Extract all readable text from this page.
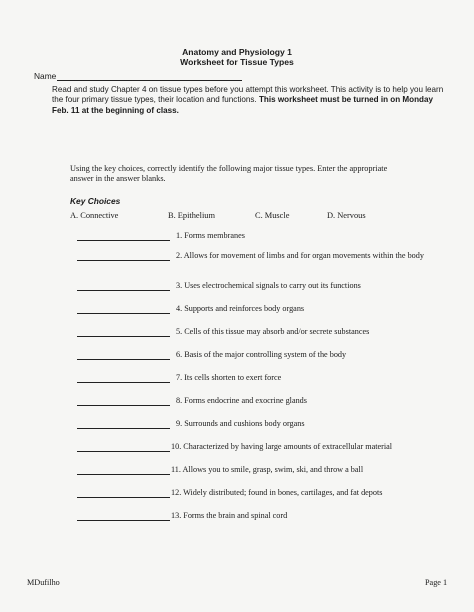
Anatomy and Physiology 1
Worksheet for Tissue Types
Name
Read and study Chapter 4 on tissue types before you attempt this worksheet. This activity is to help you learn the four primary tissue types, their location and functions. This worksheet must be turned in on Monday Feb. 11 at the beginning of class.
Using the key choices, correctly identify the following major tissue types. Enter the appropriate answer in the answer blanks.
Key Choices
A. Connective	B. Epithelium	C. Muscle	D. Nervous
1. Forms membranes
2. Allows for movement of limbs and for organ movements within the body
3. Uses electrochemical signals to carry out its functions
4. Supports and reinforces body organs
5. Cells of this tissue may absorb and/or secrete substances
6. Basis of the major controlling system of the body
7. Its cells shorten to exert force
8. Forms endocrine and exocrine glands
9. Surrounds and cushions body organs
10. Characterized by having large amounts of extracellular material
11. Allows you to smile, grasp, swim, ski, and throw a ball
12. Widely distributed; found in bones, cartilages, and fat depots
13. Forms the brain and spinal cord
MDufilho	Page 1
